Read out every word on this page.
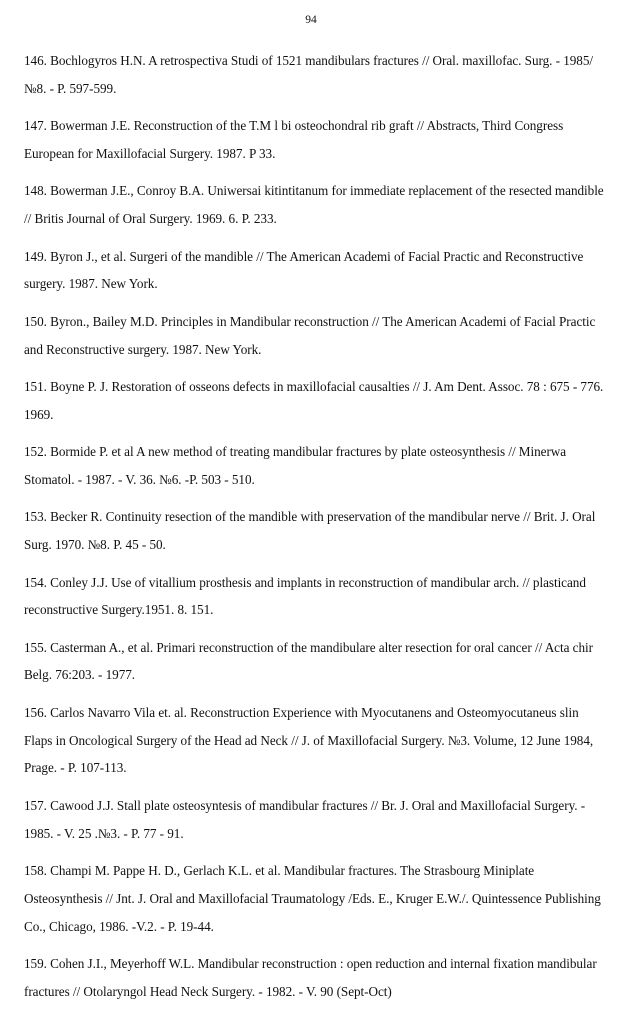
94
146. Bochlogyros H.N. A retrospectiva Studi of 1521 mandibulars fractures // Oral. maxillofac. Surg. - 1985/ №8. - P. 597-599.
147. Bowerman J.E. Reconstruction of the T.M l bi osteochondral rib graft // Abstracts, Third Congress European for Maxillofacial Surgery. 1987. P 33.
148. Bowerman J.E., Conroy B.A. Uniwersai kitintitanum for immediate replacement of the resected mandible // Britis Journal of Oral Surgery. 1969. 6. P. 233.
149. Byron J., et al. Surgeri of the mandible // The American Academi of Facial Practic and Reconstructive surgery. 1987. New York.
150. Byron., Bailey M.D. Principles in Mandibular reconstruction // The American Academi of Facial Practic and Reconstructive surgery. 1987. New York.
151. Boyne P. J. Restoration of osseons defects in maxillofacial causalties // J. Am Dent. Assoc. 78 : 675 - 776. 1969.
152. Bormide P. et al A new method of treating mandibular fractures by plate osteosynthesis // Minerwa Stomatol. - 1987. - V. 36. №6. -P. 503 - 510.
153. Becker R. Continuity resection of the mandible with preservation of the mandibular nerve // Brit. J. Oral Surg. 1970. №8. P. 45 - 50.
154. Conley J.J. Use of vitallium prosthesis and implants in reconstruction of mandibular arch. // plasticand reconstructive Surgery.1951. 8. 151.
155. Casterman A., et al. Primari reconstruction of the mandibulare alter resection for oral cancer // Acta chir Belg. 76:203. - 1977.
156. Carlos Navarro Vila et. al. Reconstruction Experience with Myocutanens and Osteomyocutaneus slin Flaps in Oncological Surgery of the Head ad Neck // J. of Maxillofacial Surgery. №3. Volume, 12 June 1984, Prage. - P. 107-113.
157. Cawood J.J. Stall plate osteosyntesis of mandibular fractures // Br. J. Oral and Maxillofacial Surgery. - 1985. - V. 25 .№3. - P. 77 - 91.
158. Champi M. Pappe H. D., Gerlach K.L. et al. Mandibular fractures. The Strasbourg Miniplate Osteosynthesis // Jnt. J. Oral and Maxillofacial Traumatology /Eds. E., Kruger E.W./. Quintessence Publishing Co., Chicago, 1986. -V.2. - P. 19-44.
159. Cohen J.I., Meyerhoff W.L. Mandibular reconstruction : open reduction and internal fixation mandibular fractures // Otolaryngol Head Neck Surgery. - 1982. - V. 90 (Sept-Oct)
